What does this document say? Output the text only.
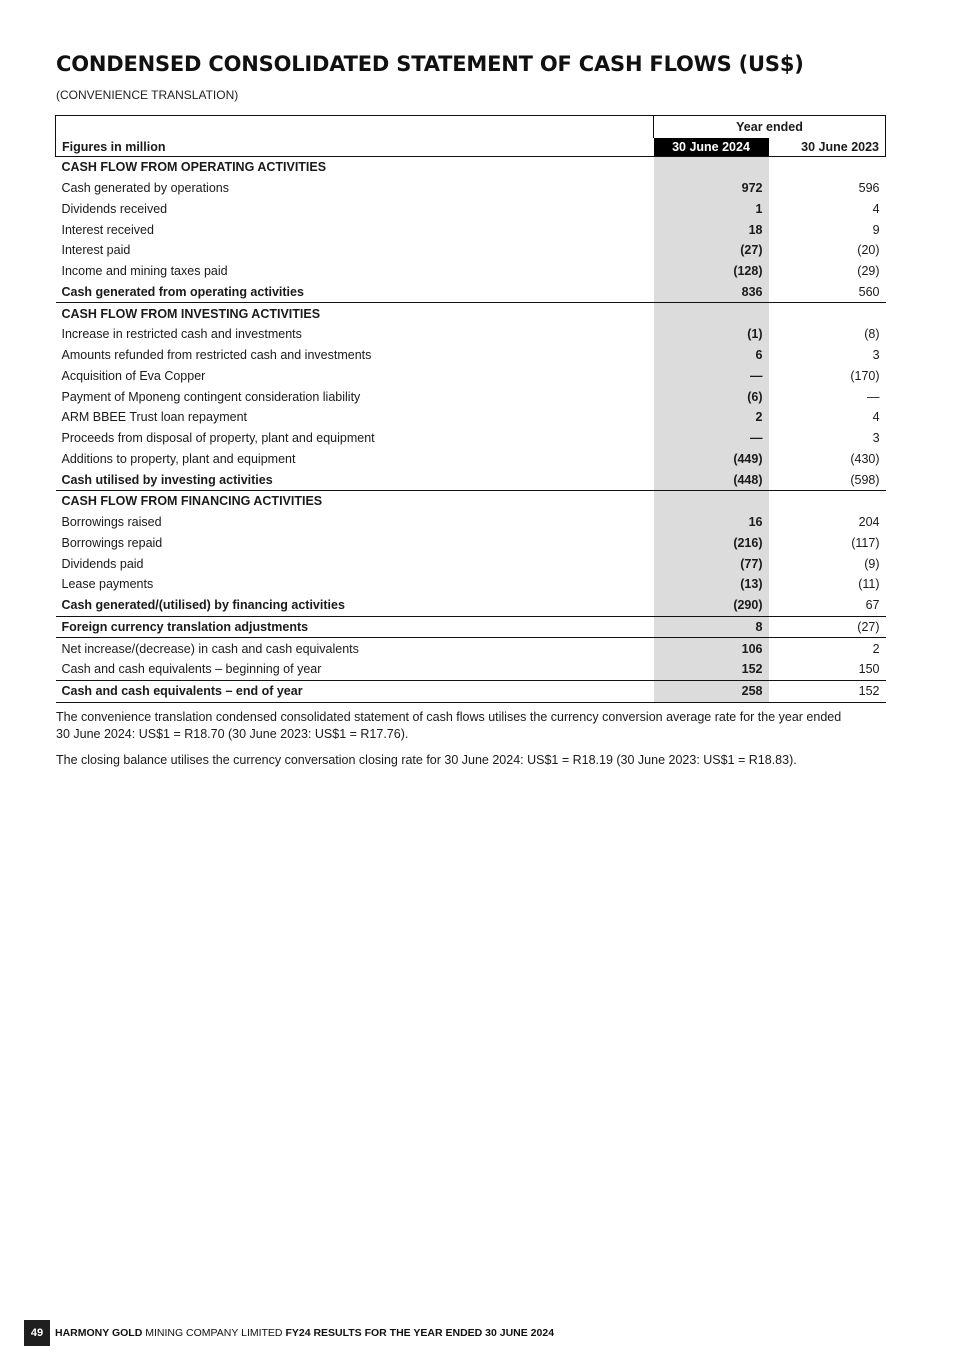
CONDENSED CONSOLIDATED STATEMENT OF CASH FLOWS (US$)
(CONVENIENCE TRANSLATION)
	Year ended	
Figures in million	30 June 2024	30 June 2023
CASH FLOW FROM OPERATING ACTIVITIES		
Cash generated by operations	972	596
Dividends received	1	4
Interest received	18	9
Interest paid	(27)	(20)
Income and mining taxes paid	(128)	(29)
Cash generated from operating activities	836	560
CASH FLOW FROM INVESTING ACTIVITIES		
Increase in restricted cash and investments	(1)	(8)
Amounts refunded from restricted cash and investments	6	3
Acquisition of Eva Copper	—	(170)
Payment of Mponeng contingent consideration liability	(6)	—
ARM BBEE Trust loan repayment	2	4
Proceeds from disposal of property, plant and equipment	—	3
Additions to property, plant and equipment	(449)	(430)
Cash utilised by investing activities	(448)	(598)
CASH FLOW FROM FINANCING ACTIVITIES		
Borrowings raised	16	204
Borrowings repaid	(216)	(117)
Dividends paid	(77)	(9)
Lease payments	(13)	(11)
Cash generated/(utilised) by financing activities	(290)	67
Foreign currency translation adjustments	8	(27)
Net increase/(decrease) in cash and cash equivalents	106	2
Cash and cash equivalents – beginning of year	152	150
Cash and cash equivalents – end of year	258	152

The convenience translation condensed consolidated statement of cash flows utilises the currency conversion average rate for the year ended 30 June 2024: US$1 = R18.70 (30 June 2023: US$1 = R17.76).

The closing balance utilises the currency conversation closing rate for 30 June 2024: US$1 = R18.19 (30 June 2023: US$1 = R18.83).

49	HARMONY GOLD MINING COMPANY LIMITED FY24 RESULTS FOR THE YEAR ENDED 30 JUNE 2024
